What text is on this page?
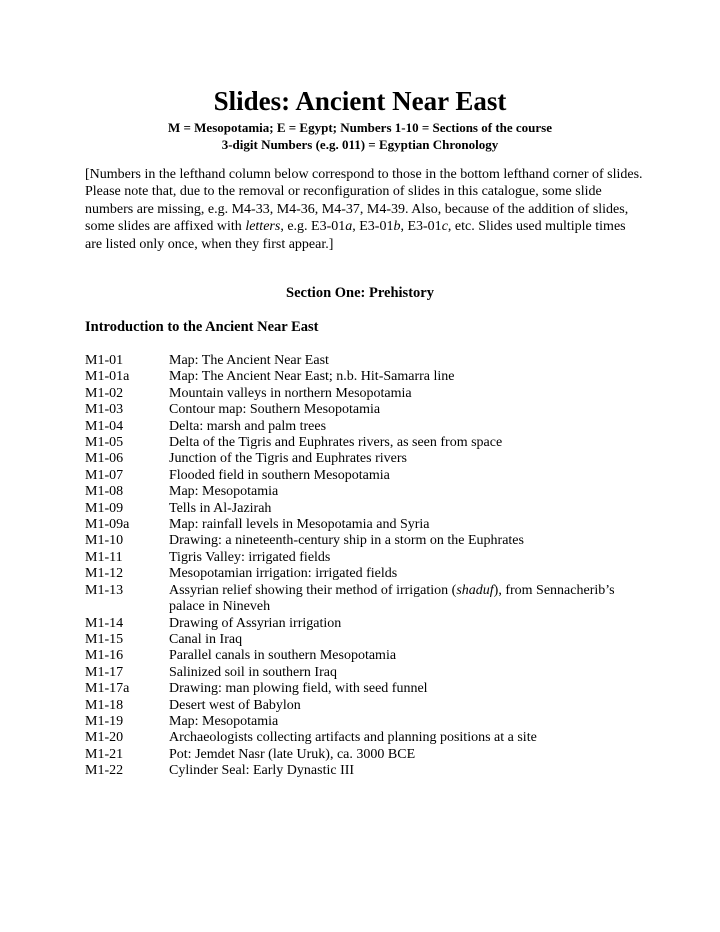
Slides: Ancient Near East
M = Mesopotamia; E = Egypt; Numbers 1-10 = Sections of the course
3-digit Numbers (e.g. 011) = Egyptian Chronology
[Numbers in the lefthand column below correspond to those in the bottom lefthand corner of slides. Please note that, due to the removal or reconfiguration of slides in this catalogue, some slide numbers are missing, e.g. M4-33, M4-36, M4-37, M4-39. Also, because of the addition of slides, some slides are affixed with letters, e.g. E3-01a, E3-01b, E3-01c, etc. Slides used multiple times are listed only once, when they first appear.]
Section One: Prehistory
Introduction to the Ancient Near East
M1-01	Map: The Ancient Near East
M1-01a	Map: The Ancient Near East; n.b. Hit-Samarra line
M1-02	Mountain valleys in northern Mesopotamia
M1-03	Contour map: Southern Mesopotamia
M1-04	Delta: marsh and palm trees
M1-05	Delta of the Tigris and Euphrates rivers, as seen from space
M1-06	Junction of the Tigris and Euphrates rivers
M1-07	Flooded field in southern Mesopotamia
M1-08	Map: Mesopotamia
M1-09	Tells in Al-Jazirah
M1-09a	Map: rainfall levels in Mesopotamia and Syria
M1-10	Drawing: a nineteenth-century ship in a storm on the Euphrates
M1-11	Tigris Valley: irrigated fields
M1-12	Mesopotamian irrigation: irrigated fields
M1-13	Assyrian relief showing their method of irrigation (shaduf), from Sennacherib’s palace in Nineveh
M1-14	Drawing of Assyrian irrigation
M1-15	Canal in Iraq
M1-16	Parallel canals in southern Mesopotamia
M1-17	Salinized soil in southern Iraq
M1-17a	Drawing: man plowing field, with seed funnel
M1-18	Desert west of Babylon
M1-19	Map: Mesopotamia
M1-20	Archaeologists collecting artifacts and planning positions at a site
M1-21	Pot: Jemdet Nasr (late Uruk), ca. 3000 BCE
M1-22	Cylinder Seal: Early Dynastic III
